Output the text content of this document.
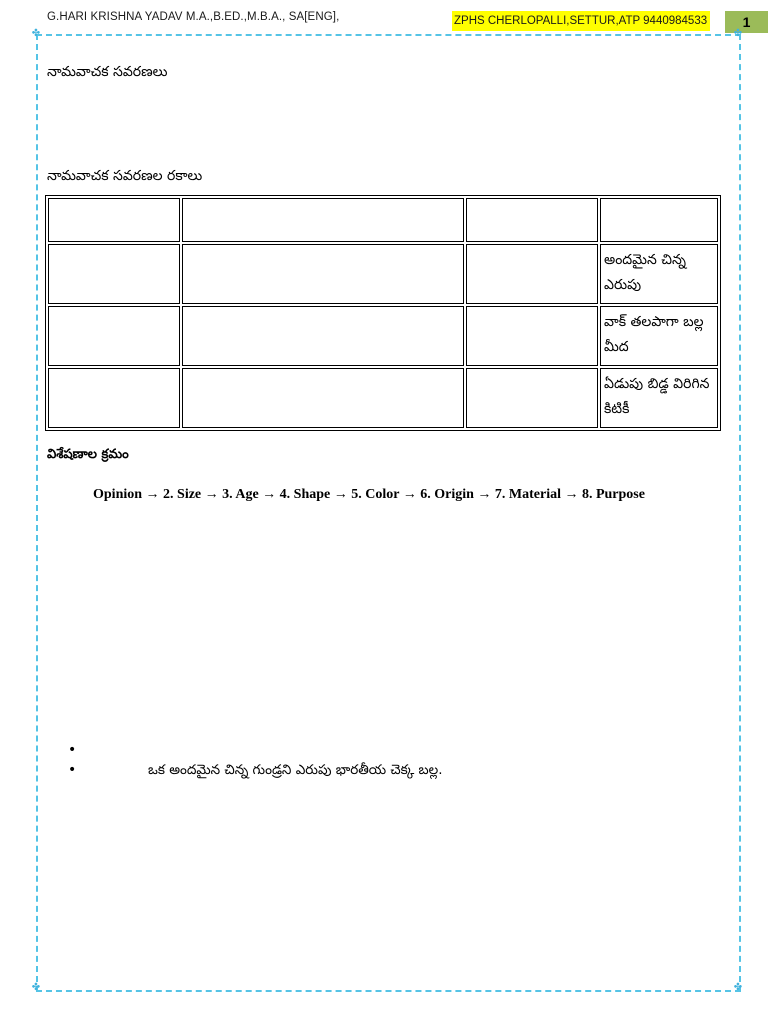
G.HARI KRISHNA YADAV M.A.,B.ED.,M.B.A., SA[ENG],	ZPHS CHERLOPALLI,SETTUR,ATP 9440984533	1
✤	✤
✤	✤
నామవాచక సవరణలు
నామవాచక సవరణల రకాలు

			అందమైన చిన్న ఎరుపు
			వాక్ తలపాగా బల్ల మీద
			ఏడుపు బిడ్డ విరిగిన కిటికీ
విశేషణాల క్రమం
Opinion → 2. Size → 3. Age → 4. Shape → 5. Color → 6. Origin → 7. Material → 8. Purpose
•
•	ఒక అందమైన చిన్న గుండ్రని ఎరుపు భారతీయ చెక్క బల్ల.
